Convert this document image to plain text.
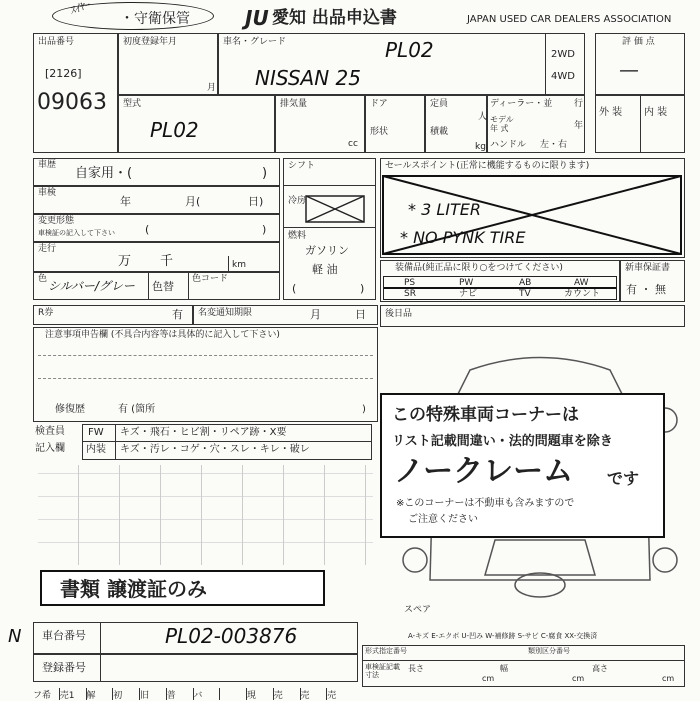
・守衛保管
ｽｲﾔｰ	JU 愛知 出品申込書	JAPAN USED CAR DEALERS ASSOCIATION
出品番号
[2126]
09063
初度登録年月
月
車名・グレード	PL02
NISSAN 25
2WD
4WD
評 価 点
―
型式
PL02
排気量
cc
ドア
形状
定員
人
積載
kg
ディーラー・並 行
モデル
年 式	年
ハンドル 左・右
外 装 内 装
車歴
自家用・(	)
車検
年	月(	日)
変更形態
車検証の記入して下さい	(	)
走行
万 千	km
色 シルバー/グレー 色替
色コード
シフト
冷房
燃料
ガソリン
軽 油
(	)
セールスポイント(正常に機能するものに限ります)
* 3 LITER
* NO PYNK TIRE
装備品(純正品に限り○をつけてください)
PS	PW	AB	AW
SR	ナビ	TV	カウント
新車保証書
有 ・ 無
R券	有 名変通知期限	月	日 後日品
注意事項申告欄 (不具合内容等は具体的に記入して下さい)
修復歴	有 (箇所	)
検査員
記入欄
FW キズ・飛石・ヒビ割・リペア跡・X要
内装 キズ・汚レ・コゲ・穴・スレ・キレ・破レ
スペア
この特殊車両コーナーは
リスト記載間違い・法的問題車を除き
ノークレーム です
※このコーナーは不動車も含みますので
ご注意ください
書類 譲渡証のみ
N 車台番号	PL02-003876
登録番号
A-キズ E-エクボ U-凹み W-補修跡 S-サビ C-腐食 XX-交換済
形式指定番号	類別区分番号
車検証記載
寸法
長さ
cm
幅
cm
高さ
cm
フ希 売1	解	初	旧	普	バ	現	売	売	売
